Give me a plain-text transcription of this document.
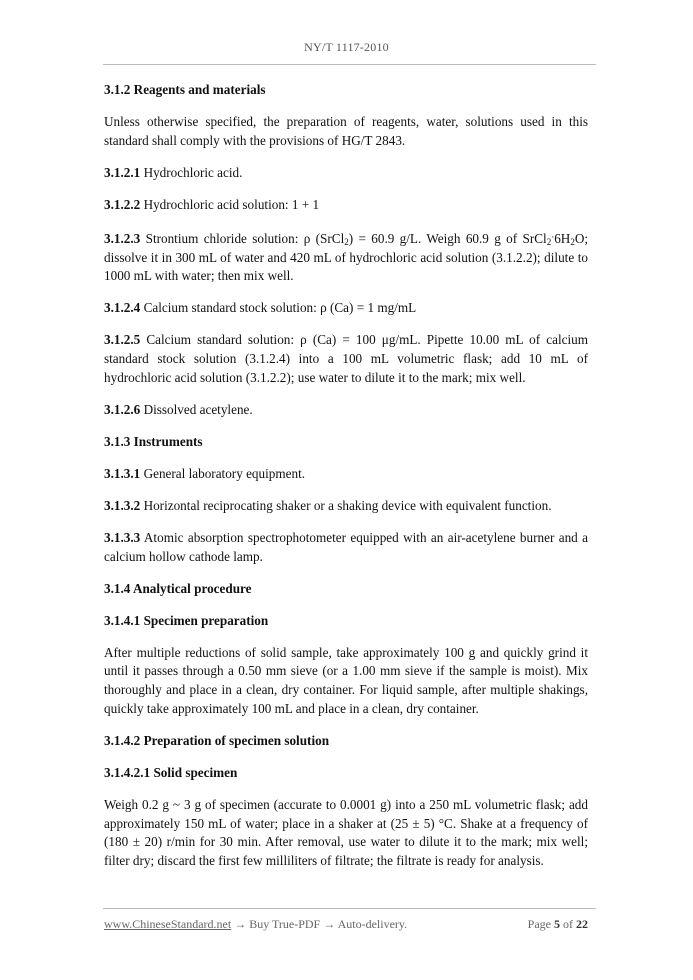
NY/T 1117-2010
3.1.2 Reagents and materials

Unless otherwise specified, the preparation of reagents, water, solutions used in this standard shall comply with the provisions of HG/T 2843.

3.1.2.1 Hydrochloric acid.

3.1.2.2 Hydrochloric acid solution: 1 + 1

3.1.2.3 Strontium chloride solution: ρ (SrCl$_2$) = 60.9 g/L. Weigh 60.9 g of $SrCl_2^\cdot 6H_2O$; dissolve it in 300 mL of water and 420 mL of hydrochloric acid solution (3.1.2.2); dilute to 1000 mL with water; then mix well.

3.1.2.4 Calcium standard stock solution: ρ (Ca) = 1 mg/mL

3.1.2.5 Calcium standard solution: ρ (Ca) = 100 μg/mL. Pipette 10.00 mL of calcium standard stock solution (3.1.2.4) into a 100 mL volumetric flask; add 10 mL of hydrochloric acid solution (3.1.2.2); use water to dilute it to the mark; mix well.

3.1.2.6 Dissolved acetylene.

3.1.3 Instruments

3.1.3.1 General laboratory equipment.

3.1.3.2 Horizontal reciprocating shaker or a shaking device with equivalent function.

3.1.3.3 Atomic absorption spectrophotometer equipped with an air-acetylene burner and a calcium hollow cathode lamp.

3.1.4 Analytical procedure
3.1.4.1 Specimen preparation

After multiple reductions of solid sample, take approximately 100 g and quickly grind it until it passes through a 0.50 mm sieve (or a 1.00 mm sieve if the sample is moist). Mix thoroughly and place in a clean, dry container. For liquid sample, after multiple shakings, quickly take approximately 100 mL and place in a clean, dry container.

3.1.4.2 Preparation of specimen solution
3.1.4.2.1 Solid specimen

Weigh 0.2 g ~ 3 g of specimen (accurate to 0.0001 g) into a 250 mL volumetric flask; add approximately 150 mL of water; place in a shaker at (25 ± 5) °C. Shake at a frequency of (180 ± 20) r/min for 30 min. After removal, use water to dilute it to the mark; mix well; filter dry; discard the first few milliliters of filtrate; the filtrate is ready for analysis.

www.ChineseStandard.net → Buy True-PDF → Auto-delivery.	Page 5 of 22
